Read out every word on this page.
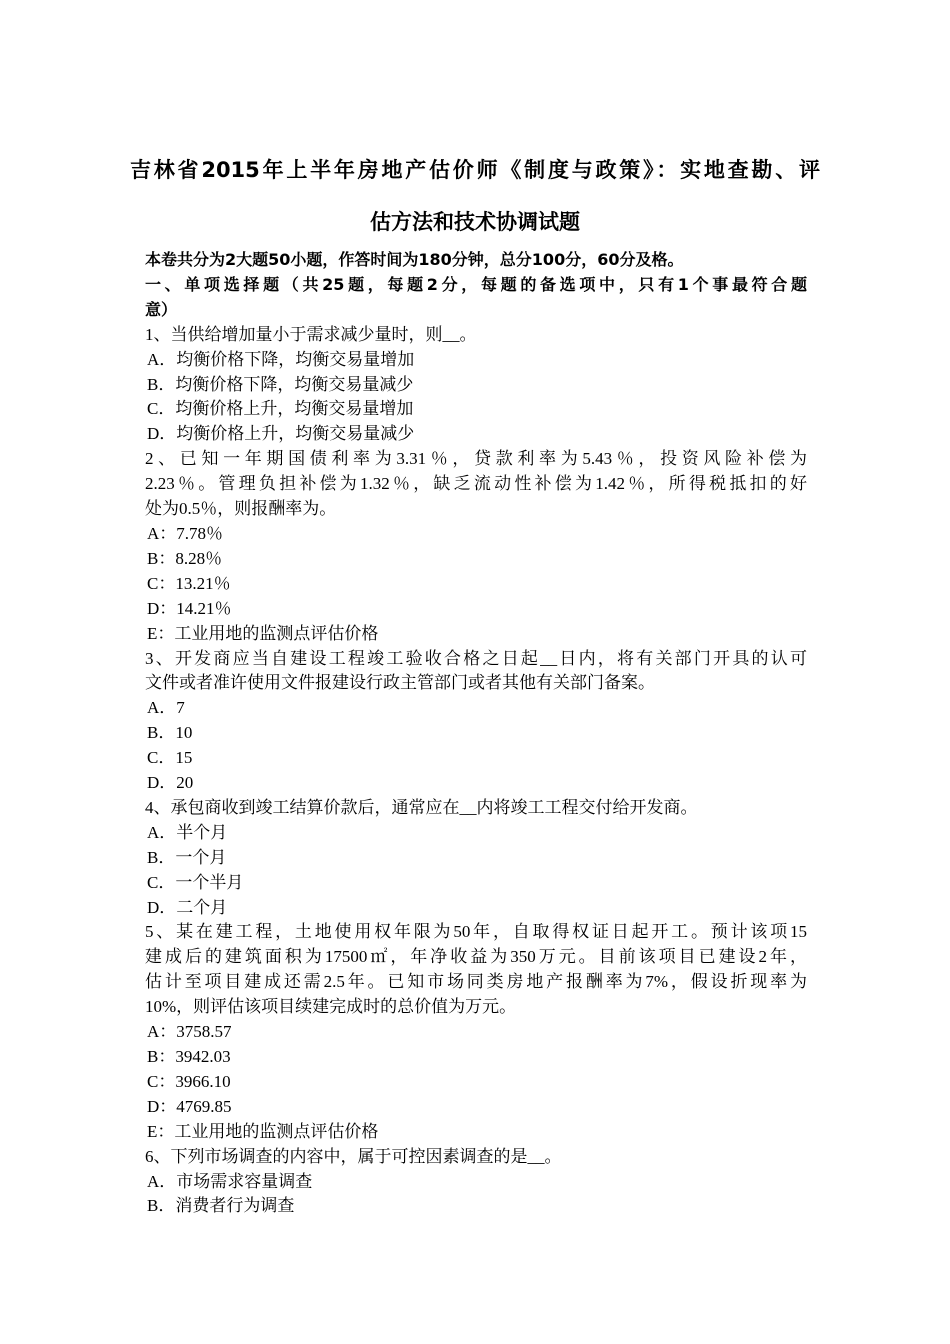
吉林省2015年上半年房地产估价师《制度与政策》：实地查勘、评
估方法和技术协调试题
本卷共分为2大题50小题，作答时间为180分钟，总分100分，60分及格。
一、单项选择题（共25题，每题2分，每题的备选项中，只有1个事最符合题
意）
1、当供给增加量小于需求减少量时，则__。
A．均衡价格下降，均衡交易量增加
B．均衡价格下降，均衡交易量减少
C．均衡价格上升，均衡交易量增加
D．均衡价格上升，均衡交易量减少
2、已知一年期国债利率为3.31％，贷款利率为5.43％，投资风险补偿为
2.23％。管理负担补偿为1.32％，缺乏流动性补偿为1.42％，所得税抵扣的好
处为0.5％，则报酬率为。
A：7.78％
B：8.28％
C：13.21％
D：14.21％
E：工业用地的监测点评估价格
3、开发商应当自建设工程竣工验收合格之日起__日内，将有关部门开具的认可
文件或者准许使用文件报建设行政主管部门或者其他有关部门备案。
A．7
B．10
C．15
D．20
4、承包商收到竣工结算价款后，通常应在__内将竣工工程交付给开发商。
A．半个月
B．一个月
C．一个半月
D．二个月
5、某在建工程，土地使用权年限为50年，自取得权证日起开工。预计该项15
建成后的建筑面积为17500㎡，年净收益为350万元。目前该项目已建设2年，
估计至项目建成还需2.5年。已知市场同类房地产报酬率为7%，假设折现率为
10%，则评估该项目续建完成时的总价值为万元。
A：3758.57
B：3942.03
C：3966.10
D：4769.85
E：工业用地的监测点评估价格
6、下列市场调查的内容中，属于可控因素调查的是__。
A．市场需求容量调查
B．消费者行为调查
